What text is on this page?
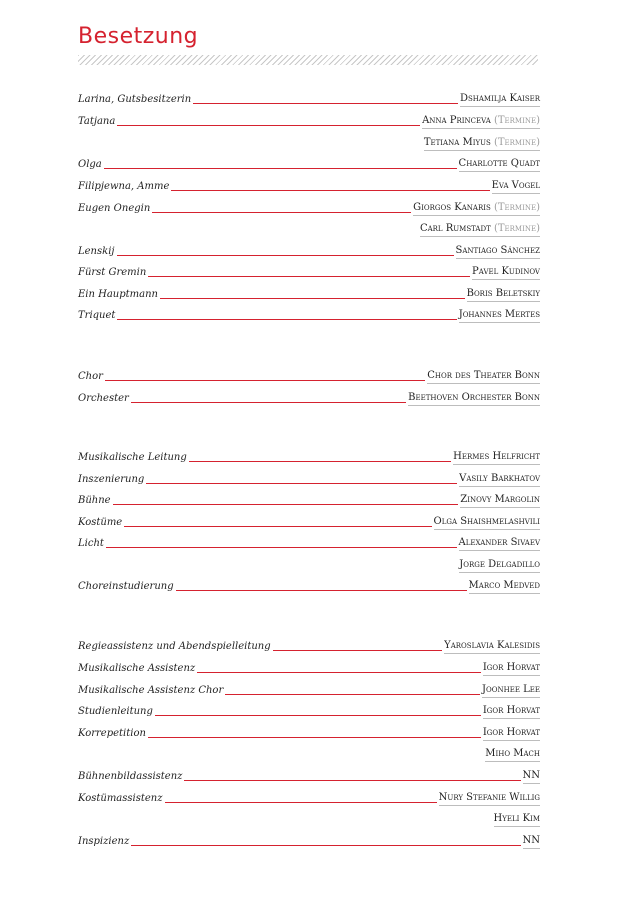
Besetzung
Larina, Gutsbesitzerin	Dshamilja Kaiser
Tatjana	Anna Princeva (Termine)
Tetiana Miyus (Termine)
Olga	Charlotte Quadt
Filipjewna, Amme	Eva Vogel
Eugen Onegin	Giorgos Kanaris (Termine)
Carl Rumstadt (Termine)
Lenskij	Santiago Sánchez
Fürst Gremin	Pavel Kudinov
Ein Hauptmann	Boris Beletskiy
Triquet	Johannes Mertes
Chor	Chor des Theater Bonn
Orchester	Beethoven Orchester Bonn
Musikalische Leitung	Hermes Helfricht
Inszenierung	Vasily Barkhatov
Bühne	Zinovy Margolin
Kostüme	Olga Shaishmelashvili
Licht	Alexander Sivaev
Jorge Delgadillo
Choreinstudierung	Marco Medved
Regieassistenz und Abendspielleitung	Yaroslavia Kalesidis
Musikalische Assistenz	Igor Horvat
Musikalische Assistenz Chor	Joonhee Lee
Studienleitung	Igor Horvat
Korrepetition	Igor Horvat
Miho Mach
Bühnenbildassistenz	NN
Kostümassistenz	Nury Stefanie Willig
Hyeli Kim
Inspizienz	NN
